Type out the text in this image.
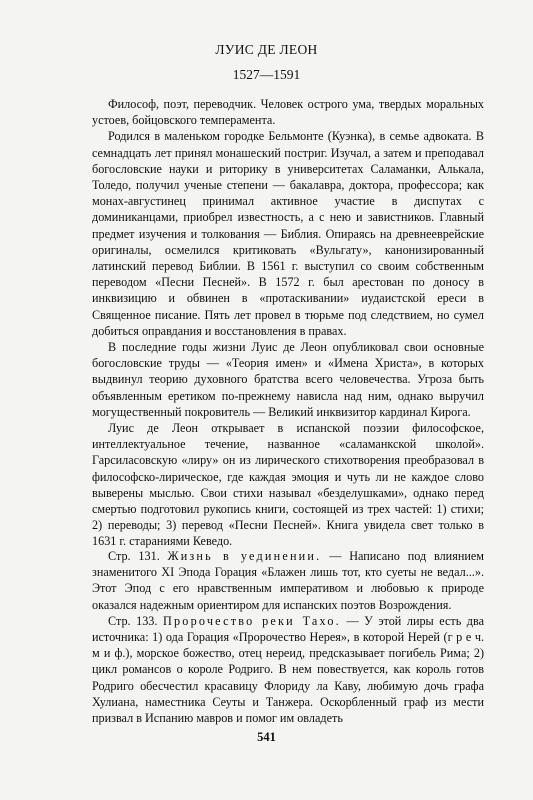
ЛУИС ДЕ ЛЕОН
1527—1591

Философ, поэт, переводчик. Человек острого ума, твердых моральных устоев, бойцовского темперамента.

Родился в маленьком городке Бельмонте (Куэнка), в семье адвоката. В семнадцать лет принял монашеский постриг. Изучал, а затем и преподавал богословские науки и риторику в университетах Саламанки, Алькала, Толедо, получил ученые степени — бакалавра, доктора, профессора; как монах-августинец принимал активное участие в диспутах с доминиканцами, приобрел известность, а с нею и завистников. Главный предмет изучения и толкования — Библия. Опираясь на древнееврейские оригиналы, осмелился критиковать «Вульгату», канонизированный латинский перевод Библии. В 1561 г. выступил со своим собственным переводом «Песни Песней». В 1572 г. был арестован по доносу в инквизицию и обвинен в «протаскивании» иудаистской ереси в Священное писание. Пять лет провел в тюрьме под следствием, но сумел добиться оправдания и восстановления в правах.

В последние годы жизни Луис де Леон опубликовал свои основные богословские труды — «Теория имен» и «Имена Христа», в которых выдвинул теорию духовного братства всего человечества. Угроза быть объявленным еретиком по-прежнему нависла над ним, однако выручил могущественный покровитель — Великий инквизитор кардинал Кирога.

Луис де Леон открывает в испанской поэзии философское, интеллектуальное течение, названное «саламанкской школой». Гарсиласовскую «лиру» он из лирического стихотворения преобразовал в философско-лирическое, где каждая эмоция и чуть ли не каждое слово выверены мыслью. Свои стихи называл «безделушками», однако перед смертью подготовил рукопись книги, состоящей из трех частей: 1) стихи; 2) переводы; 3) перевод «Песни Песней». Книга увидела свет только в 1631 г. стараниями Кеведо.

Стр. 131. Жизнь в уединении. — Написано под влиянием знаменитого XI Эпода Горация «Блажен лишь тот, кто суеты не ведал...». Этот Эпод с его нравственным императивом и любовью к природе оказался надежным ориентиром для испанских поэтов Возрождения.

Стр. 133. Пророчество реки Тахо. — У этой лиры есть два источника: 1) ода Горация «Пророчество Нерея», в которой Нерей (г р е ч. м и ф.), морское божество, отец нереид, предсказывает погибель Рима; 2) цикл романсов о короле Родриго. В нем повествуется, как король готов Родриго обесчестил красавицу Флориду ла Каву, любимую дочь графа Хулиана, наместника Сеуты и Танжера. Оскорбленный граф из мести призвал в Испанию мавров и помог им овладеть

541
